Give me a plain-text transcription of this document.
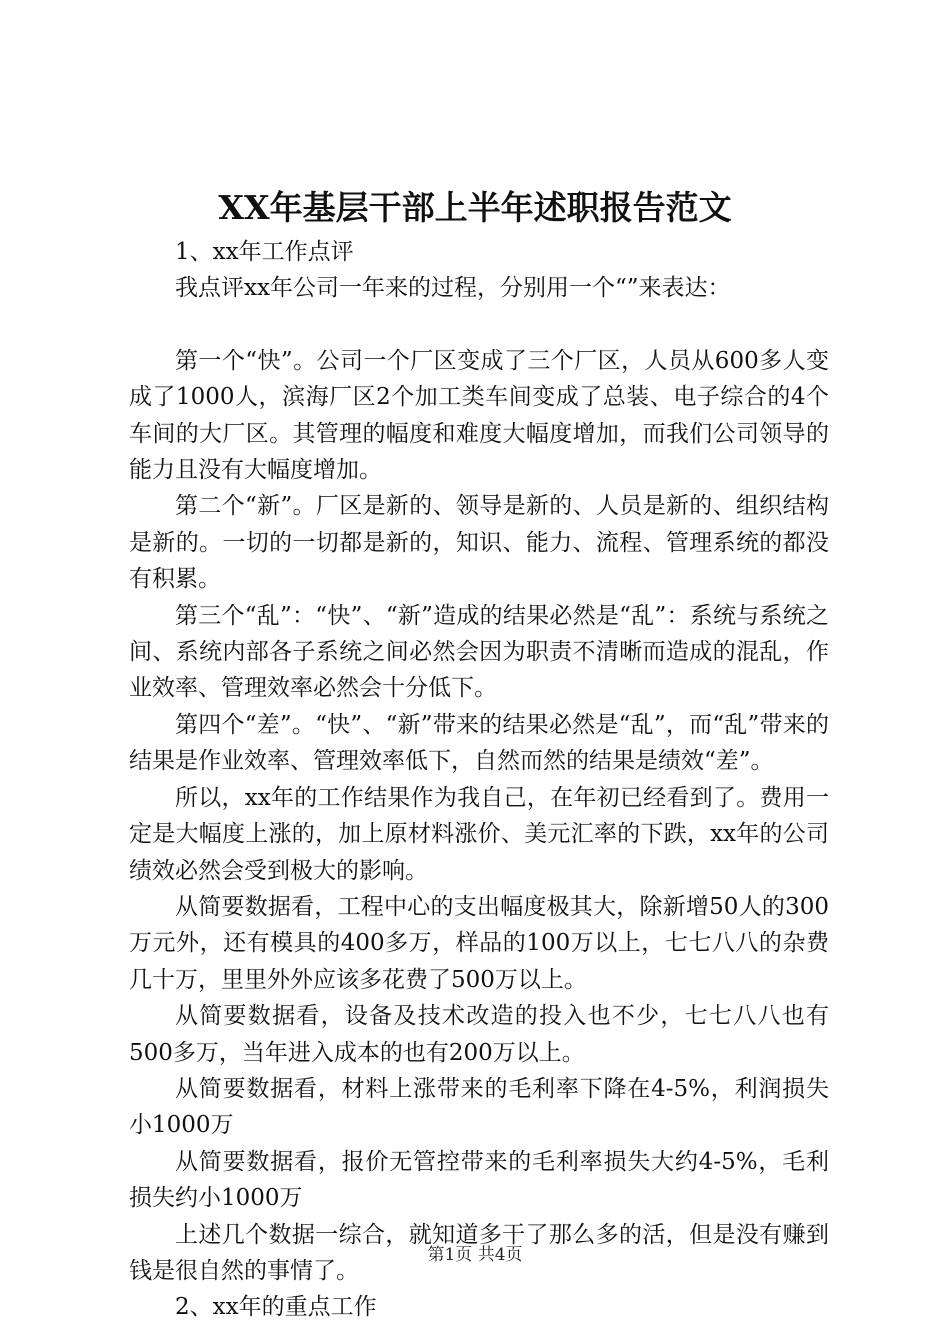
XX年基层干部上半年述职报告范文

1、xx年工作点评

我点评xx年公司一年来的过程，分别用一个“”来表达：

第一个“快”。公司一个厂区变成了三个厂区，人员从600多人变成了1000人，滨海厂区2个加工类车间变成了总装、电子综合的4个车间的大厂区。其管理的幅度和难度大幅度增加，而我们公司领导的能力且没有大幅度增加。

第二个“新”。厂区是新的、领导是新的、人员是新的、组织结构是新的。一切的一切都是新的，知识、能力、流程、管理系统的都没有积累。

第三个“乱”：“快”、“新”造成的结果必然是“乱”：系统与系统之间、系统内部各子系统之间必然会因为职责不清晰而造成的混乱，作业效率、管理效率必然会十分低下。

第四个“差”。“快”、“新”带来的结果必然是“乱”，而“乱”带来的结果是作业效率、管理效率低下，自然而然的结果是绩效“差”。

所以，xx年的工作结果作为我自己，在年初已经看到了。费用一定是大幅度上涨的，加上原材料涨价、美元汇率的下跌，xx年的公司绩效必然会受到极大的影响。

从简要数据看，工程中心的支出幅度极其大，除新增50人的300万元外，还有模具的400多万，样品的100万以上，七七八八的杂费几十万，里里外外应该多花费了500万以上。

从简要数据看，设备及技术改造的投入也不少，七七八八也有500多万，当年进入成本的也有200万以上。

从简要数据看，材料上涨带来的毛利率下降在4-5%，利润损失小1000万

从简要数据看，报价无管控带来的毛利率损失大约4-5%，毛利损失约小1000万

上述几个数据一综合，就知道多干了那么多的活，但是没有赚到钱是很自然的事情了。

2、xx年的重点工作

第1页 共4页
